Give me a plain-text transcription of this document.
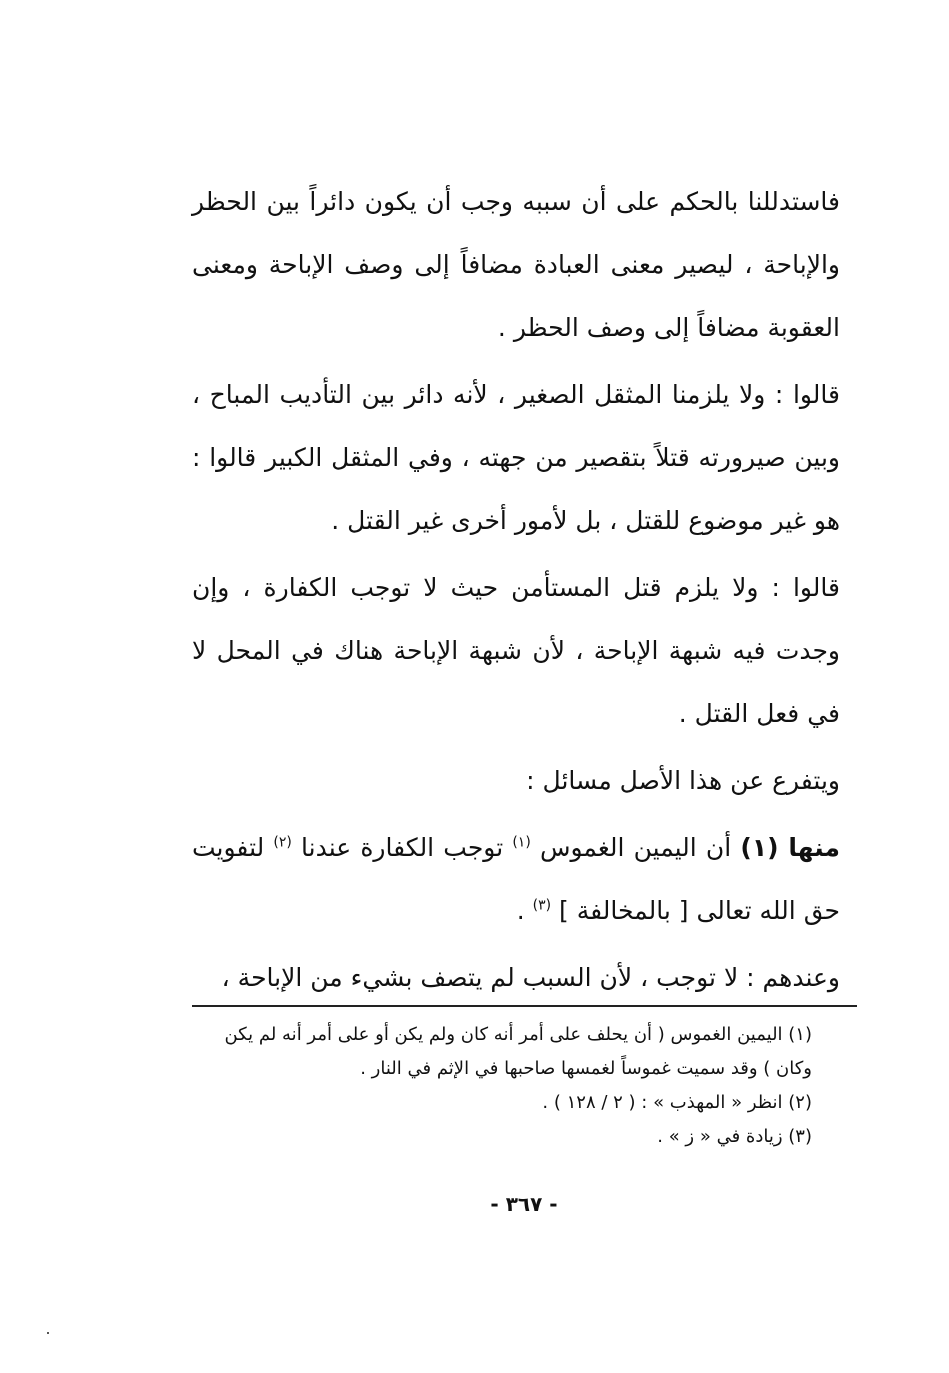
فاستدللنا بالحكم على أن سببه وجب أن يكون دائراً بين الحظر والإباحة ، ليصير معنى العبادة مضافاً إلى وصف الإباحة ومعنى العقوبة مضافاً إلى وصف الحظر .

قالوا : ولا يلزمنا المثقل الصغير ، لأنه دائر بين التأديب المباح ، وبين صيرورته قتلاً بتقصير من جهته ، وفي المثقل الكبير قالوا : هو غير موضوع للقتل ، بل لأمور أخرى غير القتل .

قالوا : ولا يلزم قتل المستأمن حيث لا توجب الكفارة ، وإن وجدت فيه شبهة الإباحة ، لأن شبهة الإباحة هناك في المحل لا في فعل القتل .

ويتفرع عن هذا الأصل مسائل :

منها (١) أن اليمين الغموس $^{(١)}$ توجب الكفارة عندنا $^{(٢)}$ لتفويت حق الله تعالى [ بالمخالفة ] $^{(٣)}$ .

وعندهم : لا توجب ، لأن السبب لم يتصف بشيء من الإباحة ،

(١) اليمين الغموس ( أن يحلف على أمر أنه كان ولم يكن أو على أمر أنه لم يكن وكان ) وقد سميت غموساً لغمسها صاحبها في الإثم في النار .

(٢) انظر « المهذب » : ( ٢ / ١٢٨ ) .

(٣) زيادة في « ز » .

- ٣٦٧ -
